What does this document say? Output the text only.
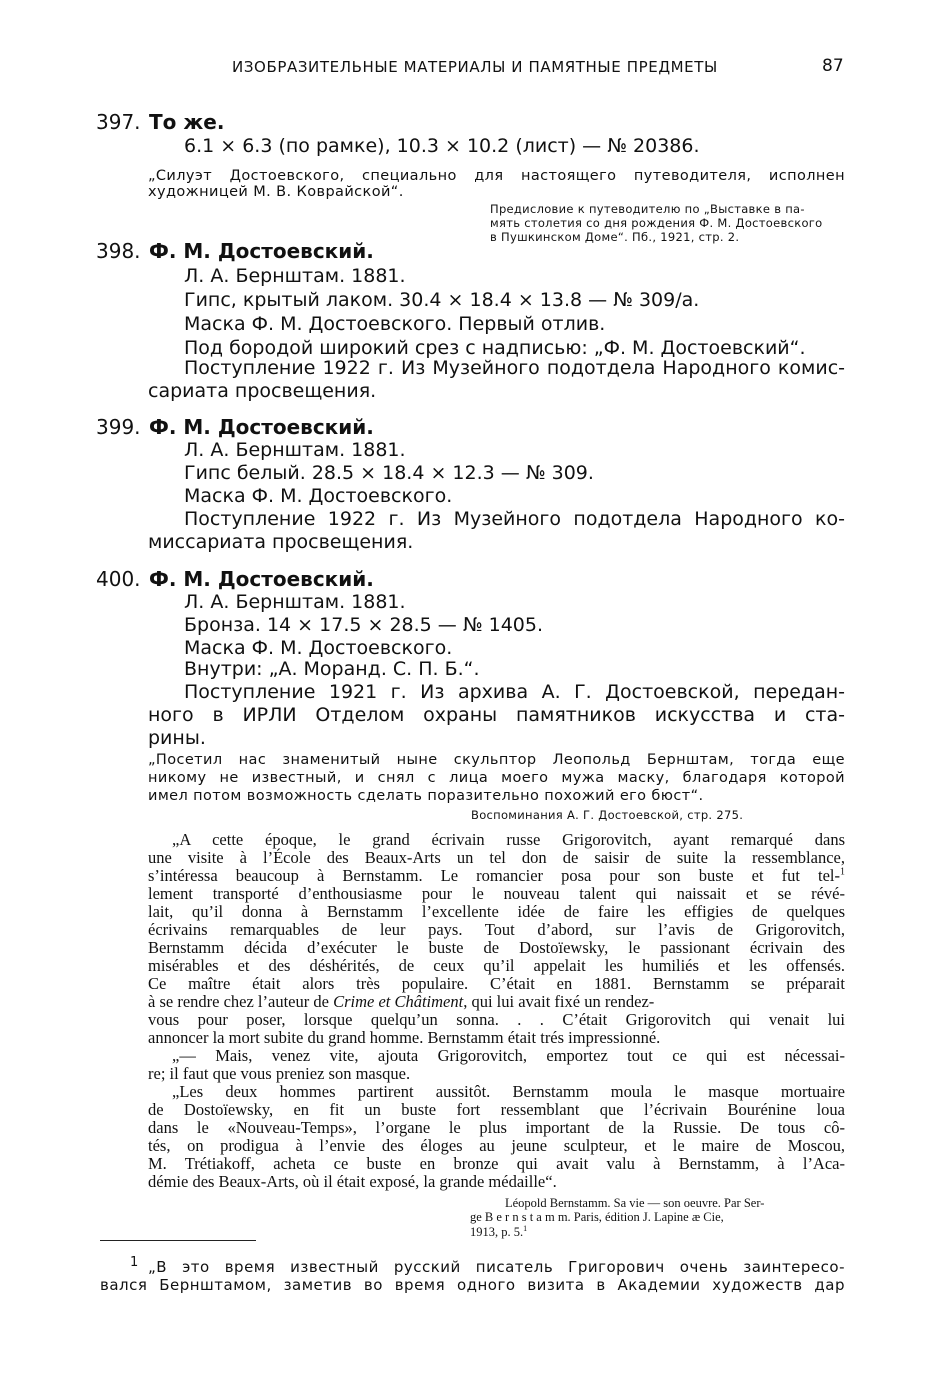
ИЗОБРАЗИТЕЛЬНЫЕ МАТЕРИАЛЫ И ПАМЯТНЫЕ ПРЕДМЕТЫ	87
397. То же.
6.1 × 6.3 (по рамке), 10.3 × 10.2 (лист) — № 20386.
„Силуэт Достоевского, специально для настоящего путеводителя, исполнен
художницей М. В. Коврайской“.
Предисловие к путеводителю по „Выставке в па-
мять столетия со дня рождения Ф. М. Достоевского
в Пушкинском Доме“. Пб., 1921, стр. 2.
398. Ф. М. Достоевский.
Л. А. Бернштам. 1881.
Гипс, крытый лаком. 30.4 × 18.4 × 13.8 — № 309/а.
Маска Ф. М. Достоевского. Первый отлив.
Под бородой широкий срез с надписью: „Ф. М. Достоевский“.
Поступление 1922 г. Из Музейного подотдела Народного комис-
сариата просвещения.
399. Ф. М. Достоевский.
Л. А. Бернштам. 1881.
Гипс белый. 28.5 × 18.4 × 12.3 — № 309.
Маска Ф. М. Достоевского.
Поступление 1922 г. Из Музейного подотдела Народного ко-
миссариата просвещения.
400. Ф. М. Достоевский.
Л. А. Бернштам. 1881.
Бронза. 14 × 17.5 × 28.5 — № 1405.
Маска Ф. М. Достоевского.
Внутри: „А. Моранд. С. П. Б.“.
Поступление 1921 г. Из архива А. Г. Достоевской, передан-
ного в ИРЛИ Отделом охраны памятников искусства и ста-
рины.
„Посетил нас знаменитый ныне скульптор Леопольд Бернштам, тогда еще
никому не известный, и снял с лица моего мужа маску, благодаря которой
имел потом возможность сделать поразительно похожий его бюст“.
Воспоминания А. Г. Достоевской, стр. 275.
„A cette époque, le grand écrivain russe Grigorovitch, ayant remarqué dans
une visite à l’École des Beaux-Arts un tel don de saisir de suite la ressemblance,
s’intéressa beaucoup à Bernstamm. Le romancier posa pour son buste et fut tel-$^1$
lement transporté d’enthousiasme pour le nouveau talent qui naissait et se révé-
lait, qu’il donna à Bernstamm l’excellente idée de faire les effigies de quelques
écrivains remarquables de leur pays. Tout d’abord, sur l’avis de Grigorovitch,
Bernstamm décida d’exécuter le buste de Dostoïewsky, le passionant écrivain des
misérables et des déshérités, de ceux qu’il appelait les humiliés et les offensés.
Ce maître était alors très populaire. C’était en 1881. Bernstamm se préparait
à se rendre chez l’auteur de Crime et Châtiment, qui lui avait fixé un rendez-
vous pour poser, lorsque quelqu’un sonna. . . C’était Grigorovitch qui venait lui
annoncer la mort subite du grand homme. Bernstamm était trés impressionné.
„— Mais, venez vite, ajouta Grigorovitch, emportez tout ce qui est nécessai-
re; il faut que vous preniez son masque.
„Les deux hommes partirent aussitôt. Bernstamm moula le masque mortuaire
de Dostoïewsky, en fit un buste fort ressemblant que l’écrivain Bourénine loua
dans le «Nouveau-Temps», l’organe le plus important de la Russie. De tous cô-
tés, on prodigua à l’envie des éloges au jeune sculpteur, et le maire de Moscou,
M. Trétiakoff, acheta ce buste en bronze qui avait valu à Bernstamm, à l’Aca-
démie des Beaux-Arts, où il était exposé, la grande médaille“.
Léopold Bernstamm. Sa vie — son oeuvre. Par Ser-
ge B e r n s t a m m. Paris, édition J. Lapine æ Cie,
1913, p. 5.$^1$
1 „В это время известный русский писатель Григорович очень заинтересо-
вался Бернштамом, заметив во время одного визита в Академии художеств дар
